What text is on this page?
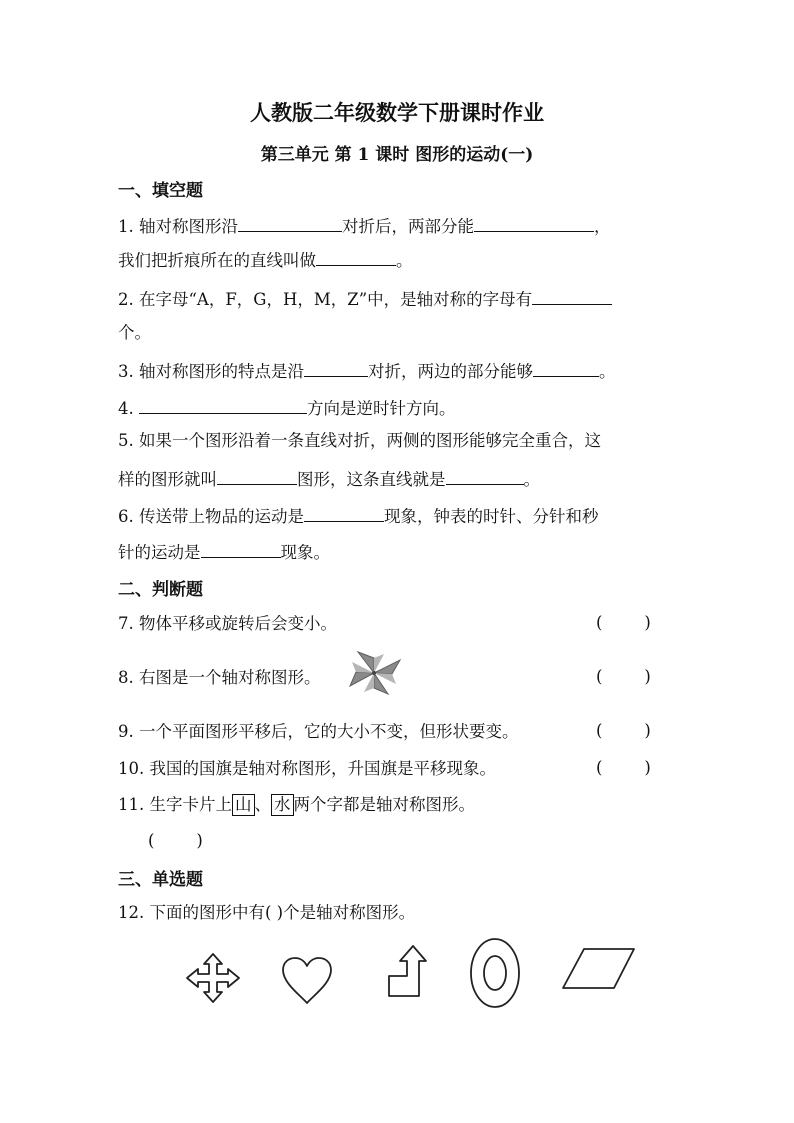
人教版二年级数学下册课时作业
第三单元 第 1 课时 图形的运动(一)
一、填空题
1. 轴对称图形沿	对折后，两部分能	，
我们把折痕所在的直线叫做	。
2. 在字母“A，F，G，H，M，Z”中，是轴对称的字母有
个。
3. 轴对称图形的特点是沿	对折，两边的部分能够	。
4.	方向是逆时针方向。
5. 如果一个图形沿着一条直线对折，两侧的图形能够完全重合，这
样的图形就叫	图形，这条直线就是	。
6. 传送带上物品的运动是	现象，钟表的时针、分针和秒
针的运动是	现象。
二、判断题
7. 物体平移或旋转后会变小。	(        )
8. 右图是一个轴对称图形。	(        )
9. 一个平面图形平移后，它的大小不变，但形状要变。	(        )
10. 我国的国旗是轴对称图形，升国旗是平移现象。	(        )
11. 生字卡片上 山 、 水 两个字都是轴对称图形。
(        )
三、单选题
12. 下面的图形中有( )个是轴对称图形。
